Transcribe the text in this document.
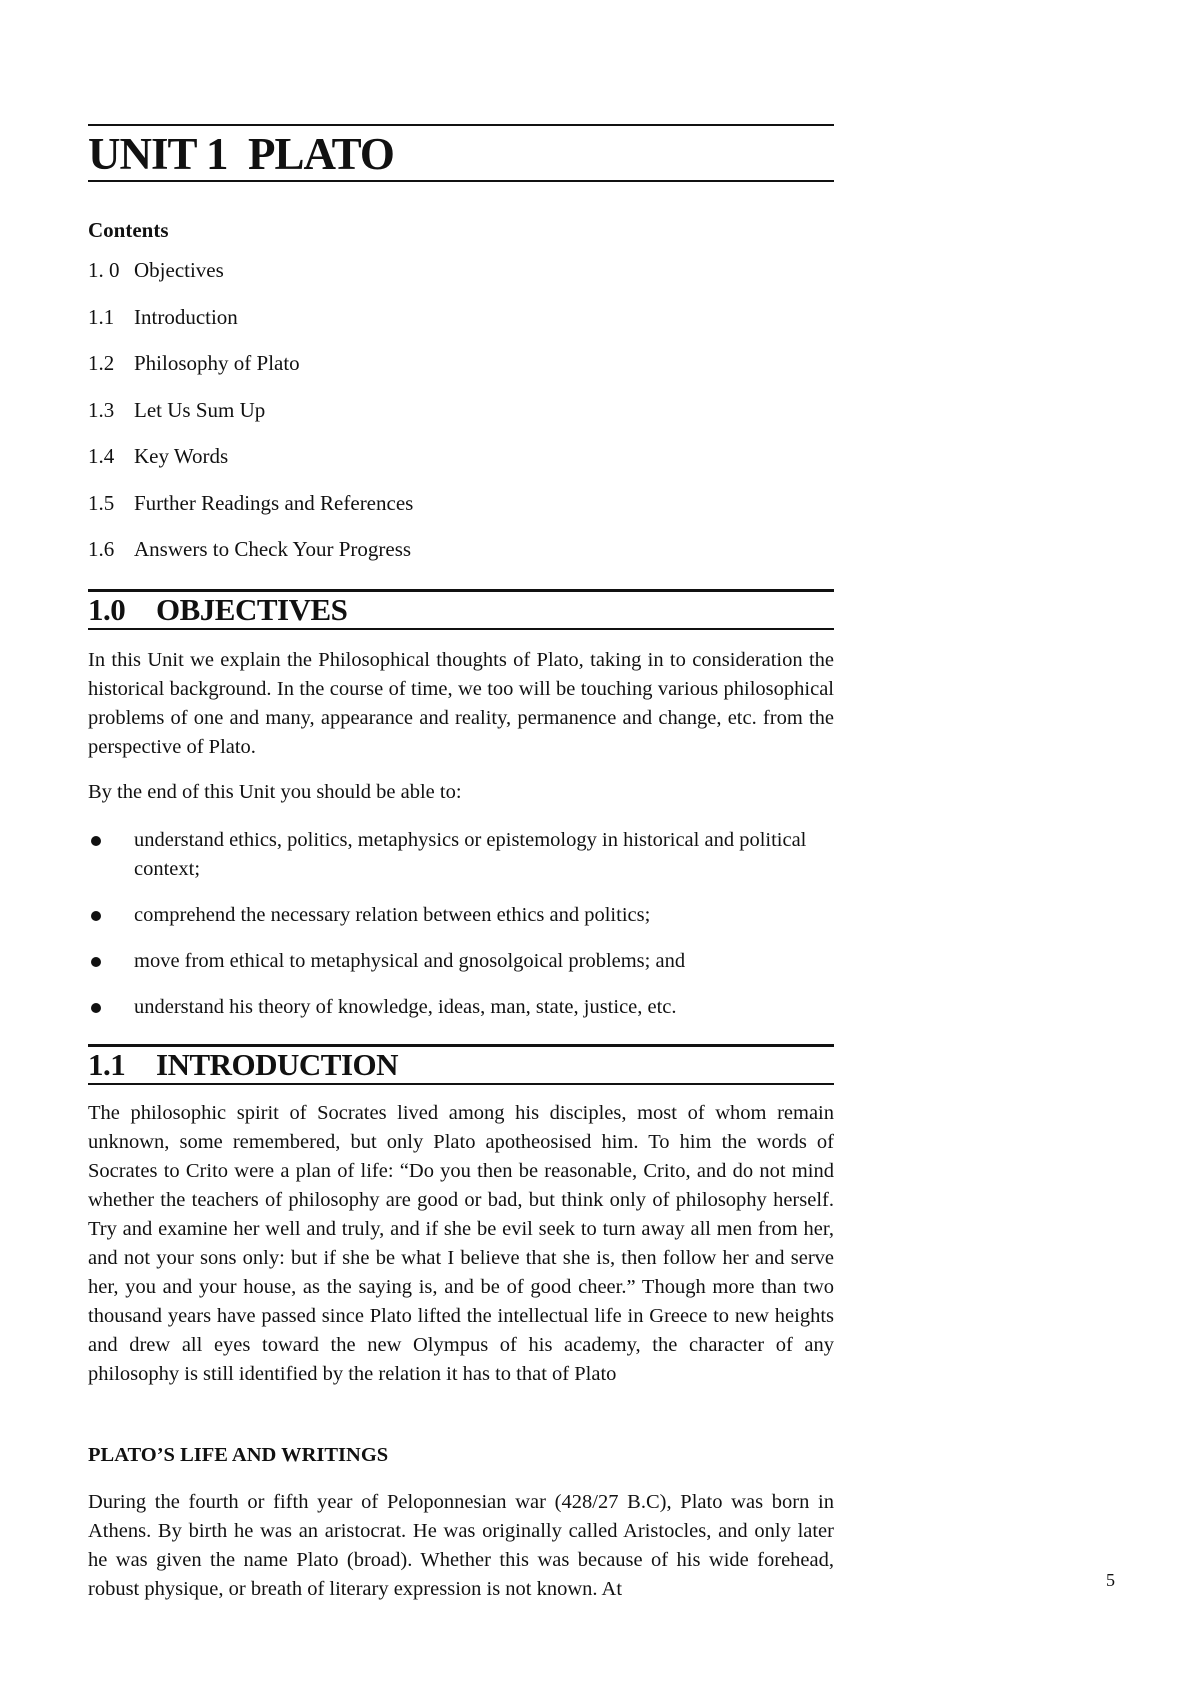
UNIT 1 PLATO
Contents
1. 0 Objectives
1.1 Introduction
1.2 Philosophy of Plato
1.3 Let Us Sum Up
1.4 Key Words
1.5 Further Readings and References
1.6 Answers to Check Your Progress
1.0 OBJECTIVES

In this Unit we explain the Philosophical thoughts of Plato, taking in to consideration the historical background. In the course of time, we too will be touching various philosophical problems of one and many, appearance and reality, permanence and change, etc. from the perspective of Plato.

By the end of this Unit you should be able to:

understand ethics, politics, metaphysics or epistemology in historical and political context;
comprehend the necessary relation between ethics and politics;
move from ethical to metaphysical and gnosolgoical problems; and
understand his theory of knowledge, ideas, man, state, justice, etc.
1.1 INTRODUCTION

The philosophic spirit of Socrates lived among his disciples, most of whom remain unknown, some remembered, but only Plato apotheosised him. To him the words of Socrates to Crito were a plan of life: “Do you then be reasonable, Crito, and do not mind whether the teachers of philosophy are good or bad, but think only of philosophy herself. Try and examine her well and truly, and if she be evil seek to turn away all men from her, and not your sons only: but if she be what I believe that she is, then follow her and serve her, you and your house, as the saying is, and be of good cheer.” Though more than two thousand years have passed since Plato lifted the intellectual life in Greece to new heights and drew all eyes toward the new Olympus of his academy, the character of any philosophy is still identified by the relation it has to that of Plato

PLATO’S LIFE AND WRITINGS

During the fourth or fifth year of Peloponnesian war (428/27 B.C), Plato was born in Athens. By birth he was an aristocrat. He was originally called Aristocles, and only later he was given the name Plato (broad). Whether this was because of his wide forehead, robust physique, or breath of literary expression is not known. At	5
